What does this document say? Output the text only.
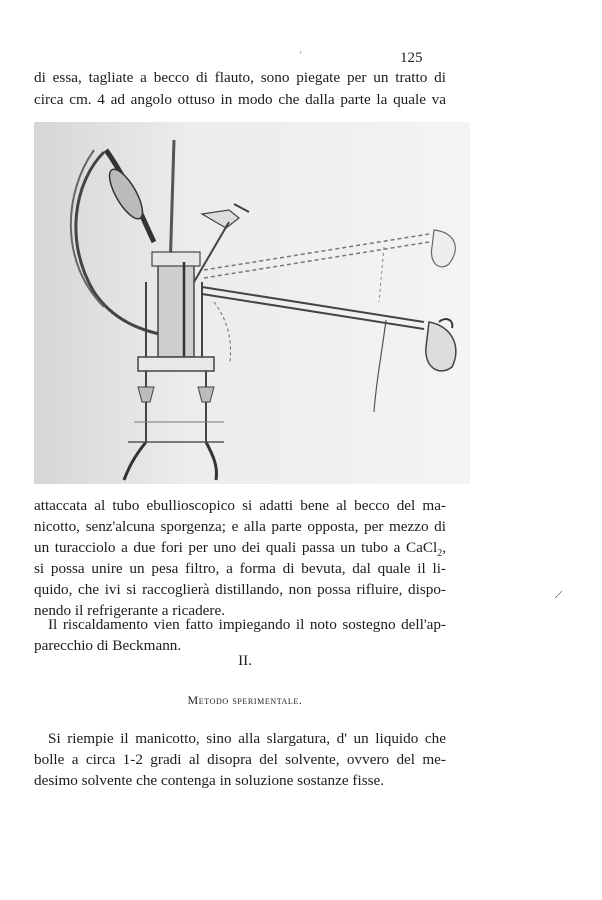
'	125
di essa, tagliate a becco di flauto, sono piegate per un tratto di
circa cm. 4 ad angolo ottuso in modo che dalla parte la quale va
attaccata al tubo ebullioscopico si adatti bene al becco del ma-
nicotto, senz'alcuna sporgenza; e alla parte opposta, per mezzo di
un turacciolo a due fori per uno dei quali passa un tubo a CaCl$_2$,
si possa unire un pesa filtro, a forma di bevuta, dal quale il li-
quido, che ivi si raccoglierà distillando, non possa rifluire, dispo-
nendo il refrigerante a ricadere.
Il riscaldamento vien fatto impiegando il noto sostegno dell'ap-
parecchio di Beckmann.
/
II.
Metodo sperimentale.
Si riempie il manicotto, sino alla slargatura, d' un liquido che
bolle a circa 1-2 gradi al disopra del solvente, ovvero del me-
desimo solvente che contenga in soluzione sostanze fisse.
